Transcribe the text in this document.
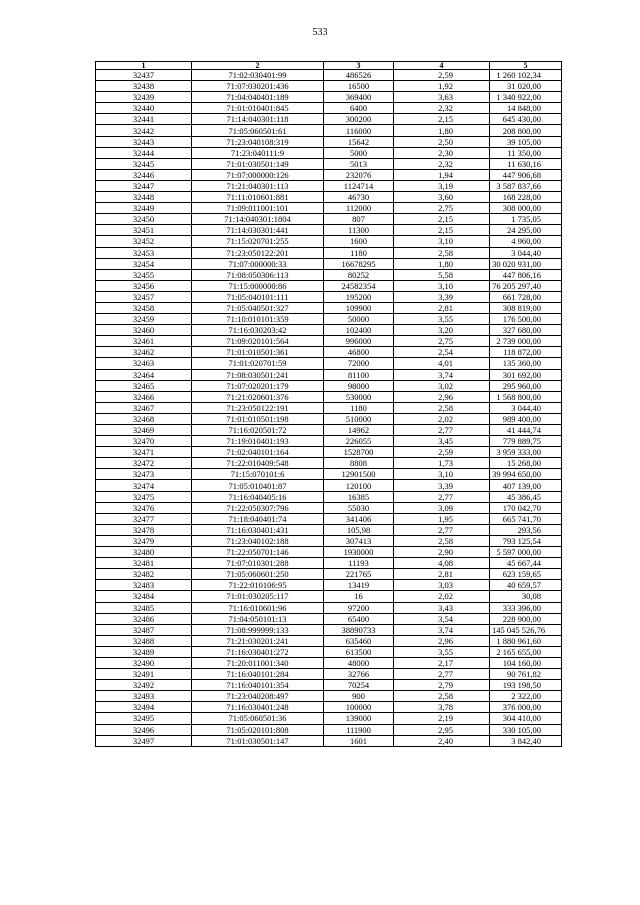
533
1	2	3	4	5
32437	71:02:030401:99	486526	2,59	1 260 102,34
32438	71:07:030201:436	16500	1,92	31 020,00
32439	71:04:040401:189	369400	3,63	1 340 922,00
32440	71:01:010401:845	6400	2,32	14 848,00
32441	71:14:040301:118	300200	2,15	645 430,00
32442	71:05:060501:61	116000	1,80	208 800,00
32443	71:23:040108:319	15642	2,50	39 105,00
32444	71:23:040111:9	5000	2,30	11 350,00
32445	71:01:030501:149	5013	2,32	11 630,16
32446	71:07:000000:126	232076	1,94	447 906,68
32447	71:21:040301:113	1124714	3,19	3 587 837,66
32448	71:11:010601:881	46730	3,60	168 228,00
32449	71:09:011001:101	112000	2,75	308 000,00
32450	71:14:040301:1804	807	2,15	1 735,05
32451	71:14:030301:441	11300	2,15	24 295,00
32452	71:15:020701:255	1600	3,10	4 960,00
32453	71:23:050122:201	1180	2,58	3 044,40
32454	71:07:000000:33	16678295	1,80	30 020 931,00
32455	71:08:050306:113	80252	5,58	447 806,16
32456	71:15:000000:86	24582354	3,10	76 205 297,40
32457	71:05:040101:111	195200	3,39	661 728,00
32458	71:05:040501:327	109900	2,81	308 819,00
32459	71:10:010101:359	50000	3,55	176 500,00
32460	71:16:030203:42	102400	3,20	327 680,00
32461	71:09:020101:564	996000	2,75	2 739 000,00
32462	71:01:010501:361	46800	2,54	118 872,00
32463	71:01:020701:59	72000	4,01	135 360,00
32464	71:08:030501:241	81100	3,74	301 692,00
32465	71:07:020201:179	98000	3,02	295 960,00
32466	71:21:020601:376	530000	2,96	1 568 800,00
32467	71:23:050122:191	1180	2,58	3 044,40
32468	71:01:010501:198	510000	2,02	989 400,00
32469	71:16:020501:72	14962	2,77	41 444,74
32470	71:19:010401:193	226055	3,45	779 889,75
32471	71:02:040101:164	1528700	2,59	3 959 333,00
32472	71:22:010409:548	8808	1,73	15 268,00
32473	71:15:070101:6	12901500	3,10	39 994 650,00
32474	71:05:010401:87	120100	3,39	407 139,00
32475	71:16:040405:16	16385	2,77	45 386,45
32476	71:22:050307:796	55030	3,09	170 042,70
32477	71:18:040401:74	341406	1,95	665 741,70
32478	71:16:030401:431	105,98	2,77	293,56
32479	71:23:040102:188	307413	2,58	793 125,54
32480	71:22:050701:146	1930000	2,90	5 597 000,00
32481	71:07:010301:288	11193	4,08	45 667,44
32482	71:05:060601:250	221765	2,81	623 159,65
32483	71:22:010106:95	13419	3,03	40 659,57
32484	71:01:030205:117	16	2,02	30,08
32485	71:16:010601:96	97200	3,43	333 396,00
32486	71:04:050101:13	65400	3,54	228 900,00
32487	71:08:999999:133	38890733	3,74	145 045 526,76
32488	71:21:030201:241	635460	2,96	1 880 961,60
32489	71:16:030401:272	613500	3,55	2 165 655,00
32490	71:20:011001:340	48000	2,17	104 160,00
32491	71:16:040101:284	32766	2,77	90 761,82
32492	71:16:040101:354	70254	2,79	193 198,50
32493	71:23:040208:497	900	2,58	2 322,00
32494	71:16:030401:248	100000	3,78	376 000,00
32495	71:05:060501:36	139000	2,19	304 410,00
32496	71:05:020101:808	111900	2,95	330 105,00
32497	71:01:030501:147	1601	2,40	3 842,40
